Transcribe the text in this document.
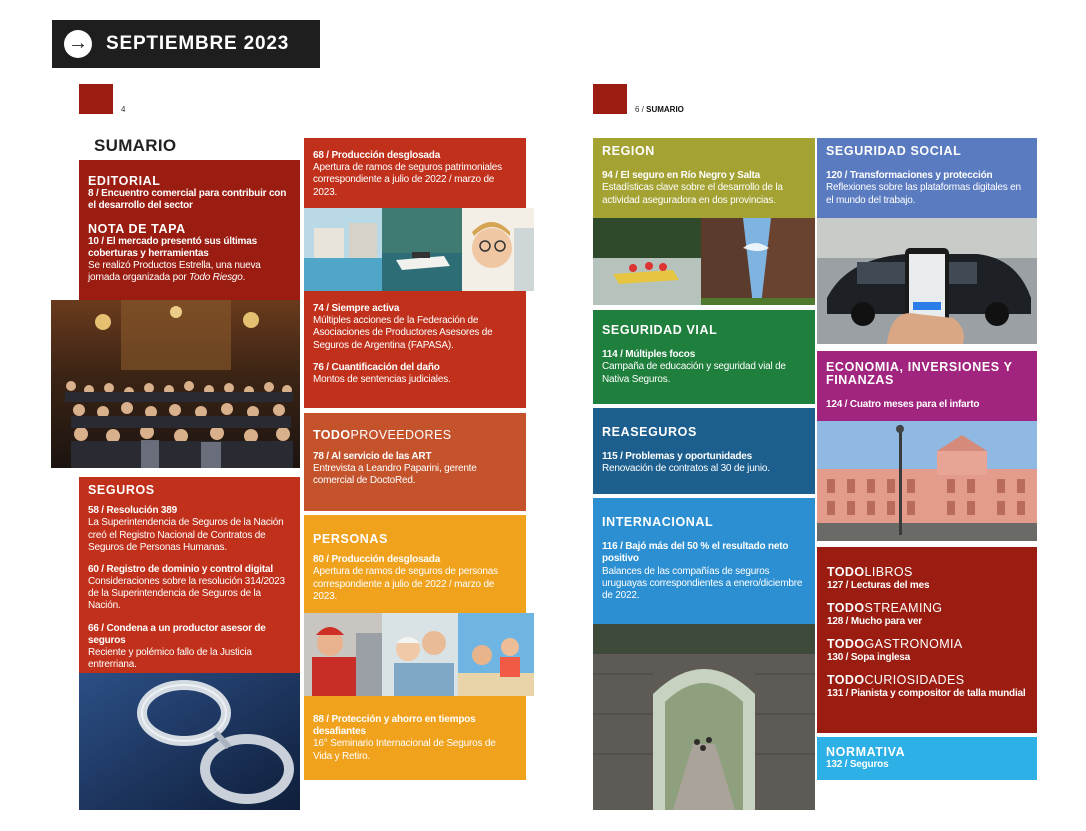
→ SEPTIEMBRE 2023
4
SUMARIO
EDITORIAL
8 / Encuentro comercial para contribuir con el desarrollo del sector
NOTA DE TAPA
10 / El mercado presentó sus últimas coberturas y herramientas
Se realizó Productos Estrella, una nueva jornada organizada por Todo Riesgo.
SEGUROS
58 / Resolución 389
La Superintendencia de Seguros de la Nación creó el Registro Nacional de Contratos de Seguros de Personas Humanas.
60 / Registro de dominio y control digital
Consideraciones sobre la resolución 314/2023 de la Superintendencia de Seguros de la Nación.
66 / Condena a un productor asesor de seguros
Reciente y polémico fallo de la Justicia entrerriana.
68 / Producción desglosada
Apertura de ramos de seguros patrimoniales correspondiente a julio de 2022 / marzo de 2023.
74 / Siempre activa
Múltiples acciones de la Federación de Asociaciones de Productores Asesores de Seguros de Argentina (FAPASA).
76 / Cuantificación del daño
Montos de sentencias judiciales.
TODOPROVEEDORES
78 / Al servicio de las ART
Entrevista a Leandro Paparini, gerente comercial de DoctoRed.
PERSONAS
80 / Producción desglosada
Apertura de ramos de seguros de personas correspondiente a julio de 2022 / marzo de 2023.
88 / Protección y ahorro en tiempos desafiantes
16° Seminario Internacional de Seguros de Vida y Retiro.
6 / SUMARIO
REGION
94 / El seguro en Río Negro y Salta
Estadísticas clave sobre el desarrollo de la actividad aseguradora en dos provincias.
SEGURIDAD VIAL
114 / Múltiples focos
Campaña de educación y seguridad vial de Nativa Seguros.
REASEGUROS
115 / Problemas y oportunidades
Renovación de contratos al 30 de junio.
INTERNACIONAL
116 / Bajó más del 50 % el resultado neto positivo
Balances de las compañías de seguros uruguayas correspondientes a enero/diciembre de 2022.
SEGURIDAD SOCIAL
120 / Transformaciones y protección
Reflexiones sobre las plataformas digitales en el mundo del trabajo.
ECONOMIA, INVERSIONES Y
FINANZAS
124 / Cuatro meses para el infarto
TODOLIBROS
127 / Lecturas del mes
TODOSTREAMING
128 / Mucho para ver
TODOGASTRONOMIA
130 / Sopa inglesa
TODOCURIOSIDADES
131 / Pianista y compositor de talla mundial
NORMATIVA
132 / Seguros
